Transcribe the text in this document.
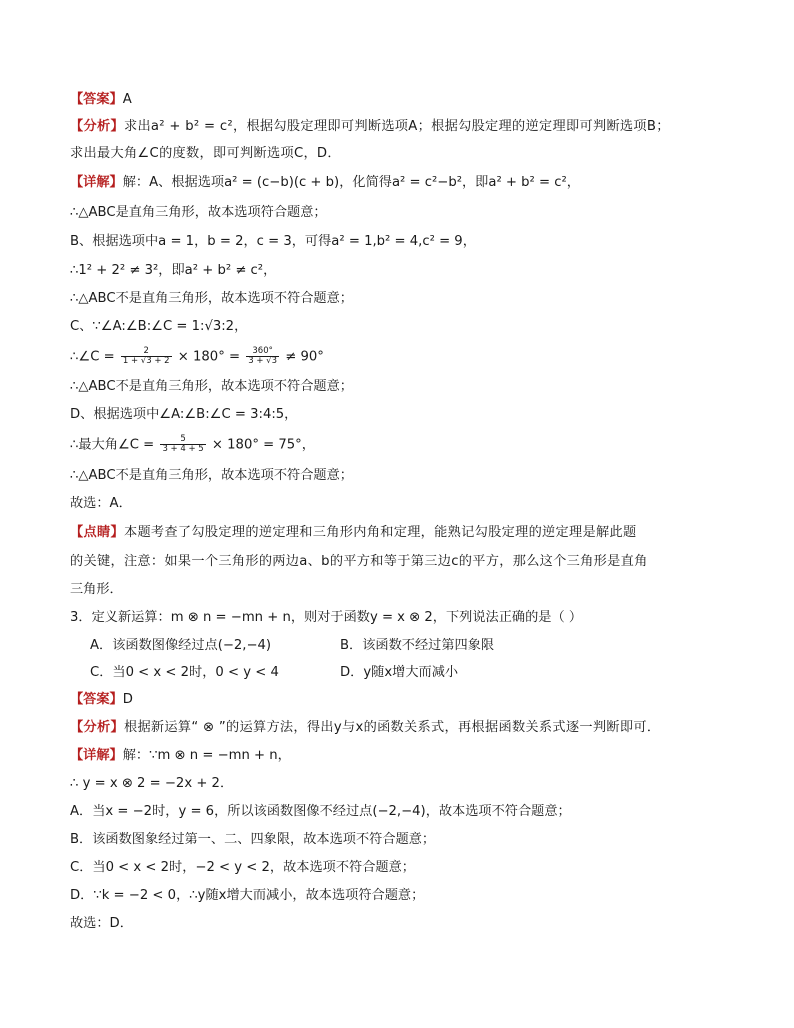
【答案】A
【分析】求出a² + b² = c²，根据勾股定理即可判断选项A；根据勾股定理的逆定理即可判断选项B；
求出最大角∠C的度数，即可判断选项C，D．
【详解】解：A、根据选项a² = (c−b)(c + b)，化简得a² = c²−b²，即a² + b² = c²，
∴△ABC是直角三角形，故本选项符合题意；
B、根据选项中a = 1，b = 2，c = 3，可得a² = 1,b² = 4,c² = 9，
∴1² + 2² ≠ 3²，即a² + b² ≠ c²，
∴△ABC不是直角三角形，故本选项不符合题意；
C、∵∠A:∠B:∠C = 1:√3:2，
∴∠C = $\frac{2}{1 + √3 + 2} \times 180^\circ = \frac{360^\circ}{3 + √3} \ne 90^\circ$
∴△ABC不是直角三角形，故本选项不符合题意；
D、根据选项中∠A:∠B:∠C = 3:4:5，
∴最大角∠C = $\frac{5}{3 + 4 + 5} \times 180^\circ = 75^\circ$，
∴△ABC不是直角三角形，故本选项不符合题意；
故选：A．
【点睛】本题考查了勾股定理的逆定理和三角形内角和定理，能熟记勾股定理的逆定理是解此题
的关键，注意：如果一个三角形的两边a、b的平方和等于第三边c的平方，那么这个三角形是直角
三角形．
3．定义新运算：m ⊗ n = −mn + n，则对于函数y = x ⊗ 2，下列说法正确的是（ ）
A．该函数图像经过点(−2,−4)	B．该函数不经过第四象限
C．当0 < x < 2时，0 < y < 4	D．y随x增大而减小
【答案】D
【分析】根据新运算“ ⊗ ”的运算方法，得出y与x的函数关系式，再根据函数关系式逐一判断即可．
【详解】解：∵m ⊗ n = −mn + n，
∴ y = x ⊗ 2 = −2x + 2．
A．当x = −2时，y = 6，所以该函数图像不经过点(−2,−4)，故本选项不符合题意；
B．该函数图象经过第一、二、四象限，故本选项不符合题意；
C．当0 < x < 2时，−2 < y < 2，故本选项不符合题意；
D．∵k = −2 < 0，∴y随x增大而减小，故本选项符合题意；
故选：D．
